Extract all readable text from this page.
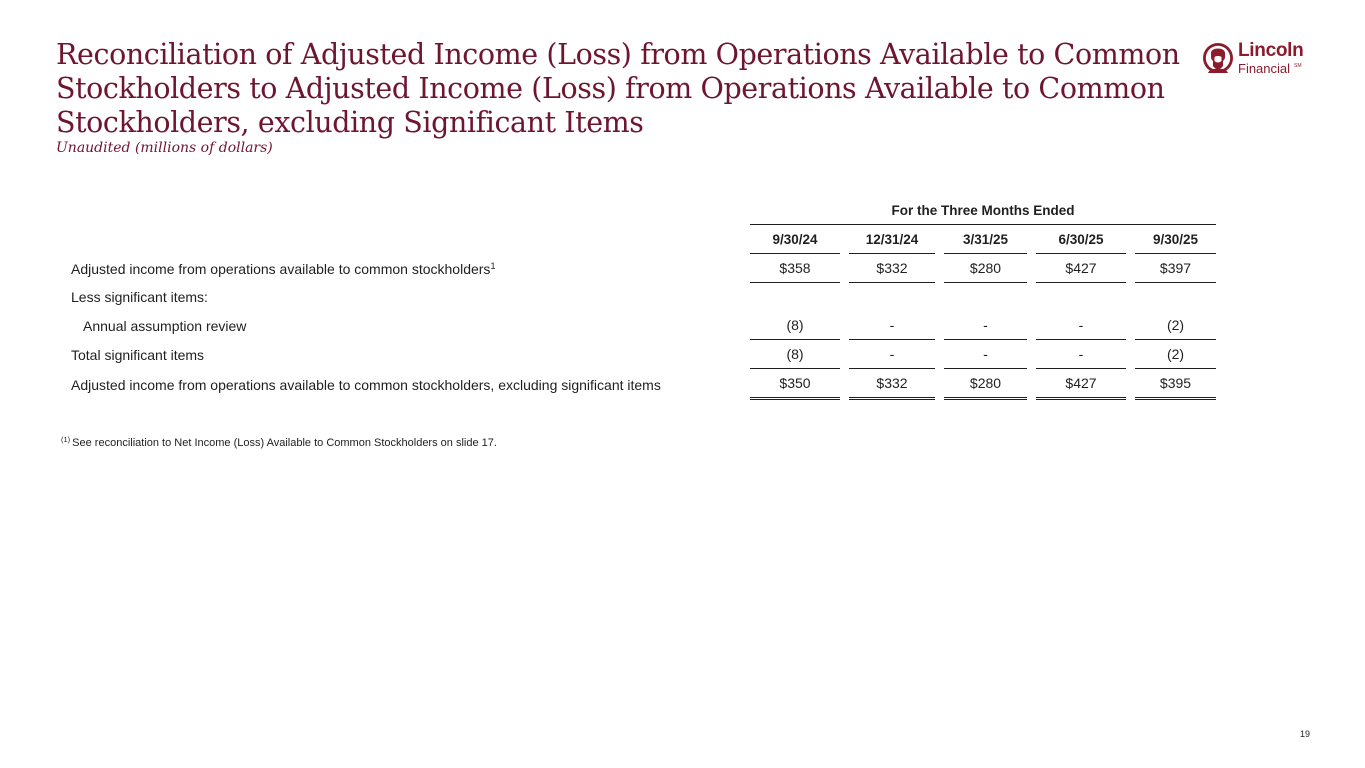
Reconciliation of Adjusted Income (Loss) from Operations Available to Common
Stockholders to Adjusted Income (Loss) from Operations Available to Common
Stockholders, excluding Significant Items
Unaudited (millions of dollars)
Lincoln
Financial SM
		For the Three Months Ended								
		9/30/24		12/31/24		3/31/25		6/30/25		9/30/25
Adjusted income from operations available to common stockholders$^1$		$358		$332		$280		$427		$397
Less significant items:										
Annual assumption review		(8)		-		-		-		(2)
Total significant items		(8)		-		-		-		(2)
Adjusted income from operations available to common stockholders, excluding significant items		$350		$332		$280		$427		$395
$^{(1)}$ See reconciliation to Net Income (Loss) Available to Common Stockholders on slide 17.
19
